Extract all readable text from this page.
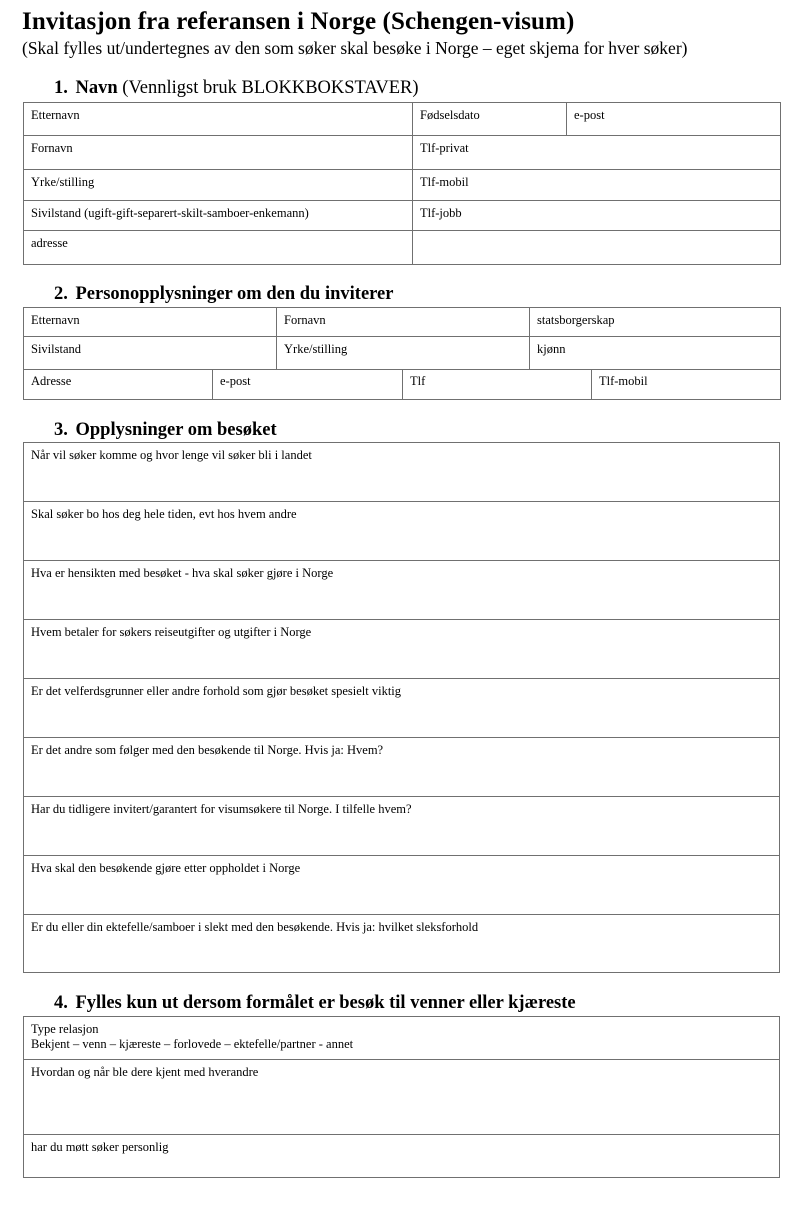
Invitasjon fra referansen i Norge (Schengen-visum)
(Skal fylles ut/undertegnes av den som søker skal besøke i Norge – eget skjema for hver søker)
1. Navn (Vennligst bruk BLOKKBOKSTAVER)
Etternavn	Fødselsdato	e-post
Fornavn	Tlf-privat	
Yrke/stilling	Tlf-mobil	
Sivilstand (ugift-gift-separert-skilt-samboer-enkemann)	Tlf-jobb	
adresse		
2. Personopplysninger om den du inviterer
Etternavn	Fornavn	statsborgerskap
Sivilstand	Yrke/stilling	kjønn
Adresse	e-post	Tlf	Tlf-mobil
3. Opplysninger om besøket
Når vil søker komme og hvor lenge vil søker bli i landet
Skal søker bo hos deg hele tiden, evt hos hvem andre
Hva er hensikten med besøket - hva skal søker gjøre i Norge
Hvem betaler for søkers reiseutgifter og utgifter i Norge
Er det velferdsgrunner eller andre forhold som gjør besøket spesielt viktig
Er det andre som følger med den besøkende til Norge. Hvis ja: Hvem?
Har du tidligere invitert/garantert for visumsøkere til Norge. I tilfelle hvem?
Hva skal den besøkende gjøre etter oppholdet i Norge
Er du eller din ektefelle/samboer i slekt med den besøkende. Hvis ja: hvilket sleksforhold
4. Fylles kun ut dersom formålet er besøk til venner eller kjæreste
Type relasjon
Bekjent – venn – kjæreste – forlovede – ektefelle/partner - annet

Hvordan og når ble dere kjent med hverandre
har du møtt søker personlig
